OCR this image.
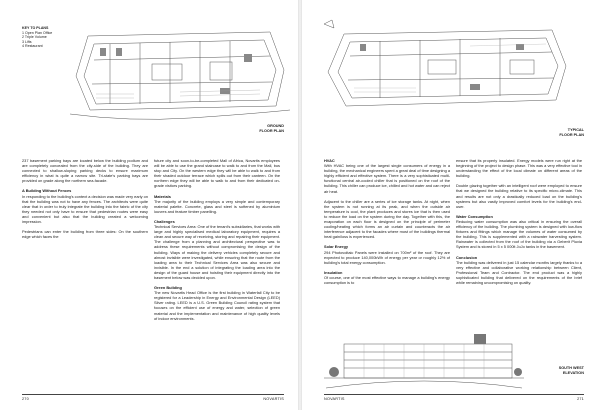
KEY TO PLANS
1 Open Plan Office
2 Triple Volume
3 Lifts
4 Restaurant
GROUND
FLOOR PLAN

237 basement parking bays are located below the building podium and are completely concealed from the city-side of the building. They are connected to shallow-sloping parking decks to ensure maximum efficiency in what is quite a narrow site. Tri-state's parking bays are provided on grade along the northern sea-facade.

A Building Without Fences

In responding to the building's context a decision was made very early on that the building was not to have any fences. The architects were quite clear that in order to truly integrate the building into the fabric of the city they needed not only have to ensure that pedestrian routes were easy and convenient but also that the building created a welcoming impression.

Pedestrians can enter the building from three sides: On the southern edge which faces the

future city and soon-to-be-completed Mall of Africa, Novartis employees will be able to use the grand staircase to walk to and from the Mall, bus stop and City. On the western edge they will be able to walk to and from their shaded outdoor terrace which spills out from their canteen. On the northern edge they will be able to walk to and from their dedicated on-grade visitors parking.

Materials

The majority of the building employs a very simple and contemporary material palette. Concrete, glass and steel is softened by aluminium louvres and feature timber panelling.

Challenges

Technical Services Area: One of the tenant's subsidiaries, that works with large and highly specialised medical laboratory equipment, requires a clean and secure way of receiving, storing and repairing their equipment. The challenge from a planning and architectural perspective was to address these requirements without compromising the design of the building. Ways of making the delivery vehicles completely secure and almost invisible were investigated, while ensuring that the route from the loading area to their Technical Services Area was also secure and invisible. In the end a solution of integrating the loading area into the design of the guard house and hoisting their equipment directly into the basement below was decided upon.

Green Building

The new Novartis Head Office is the first building in Waterfall City to be registered for a Leadership in Energy and Environmental Design (LEED) Silver rating. LEED is a U.S. Green Building Council rating system that focuses on the efficient use of energy and water, selection of green material and the implementation and maintenance of high quality levels of indoor environments.

270	NOVARTIS
TYPICAL
FLOOR PLAN
HVAC

With HVAC being one of the largest single consumers of energy in a building, the mechanical engineers spent a great deal of time designing a highly efficient and effective system. There is a very sophisticated multi-functional central air-cooled chiller that is positioned on the roof of the building. This chiller can produce ice, chilled and hot water and can reject air heat.

Adjacent to the chiller are a series of ice storage tanks. At night, when the system is not running at its peak, and when the outside air temperature is cool, the plant produces and stores ice that is then used to reduce the load on the system during the day. Together with this, the evaporation on each floor is designed on the principle of perimeter cooling/heating which forms an air curtain and counteracts the air interference adjacent to the facades where most of the buildings thermal heat gain/loss is experienced.

Solar Energy

294 Photovoltaic Panels were installed on 700m² of the roof. They are expected to produce 140,000kWh of energy per year or roughly 12% of building's total energy consumption.

Insulation

Of course, one of the most effective ways to manage a building's energy consumption is to

ensure that its properly insulated. Energy models were run right at the beginning of the project to design phase. This was a very effective tool in understanding the effect of the local climate on different areas of the building.

Double glazing together with an intelligent roof were employed to ensure that we designed the building relative to its specific micro-climate. This and results are not only a drastically reduced load on the building's systems but also vastly improved comfort levels for the building's end-user.

Water Consumption

Reducing water consumption was also critical in ensuring the overall efficiency of the building. The plumbing system is designed with low-flow fixtures and fittings which manage the volumes of water consumed by the building. This is supplemented with a rainwater harvesting system. Rainwater is collected from the roof of the building via a Geberit Pluvia System and is stored in 5 x 5 000lt JoJo tanks in the basement.

Conclusion

The building was delivered in just 15 calendar months largely thanks to a very effective and collaborative working relationship between Client, Professional Team and Contractor. The end product was a highly sophisticated building that delivered on the requirements of the brief while remaining uncompromising on quality.

SOUTH WEST
ELEVATION
NOVARTIS	271
